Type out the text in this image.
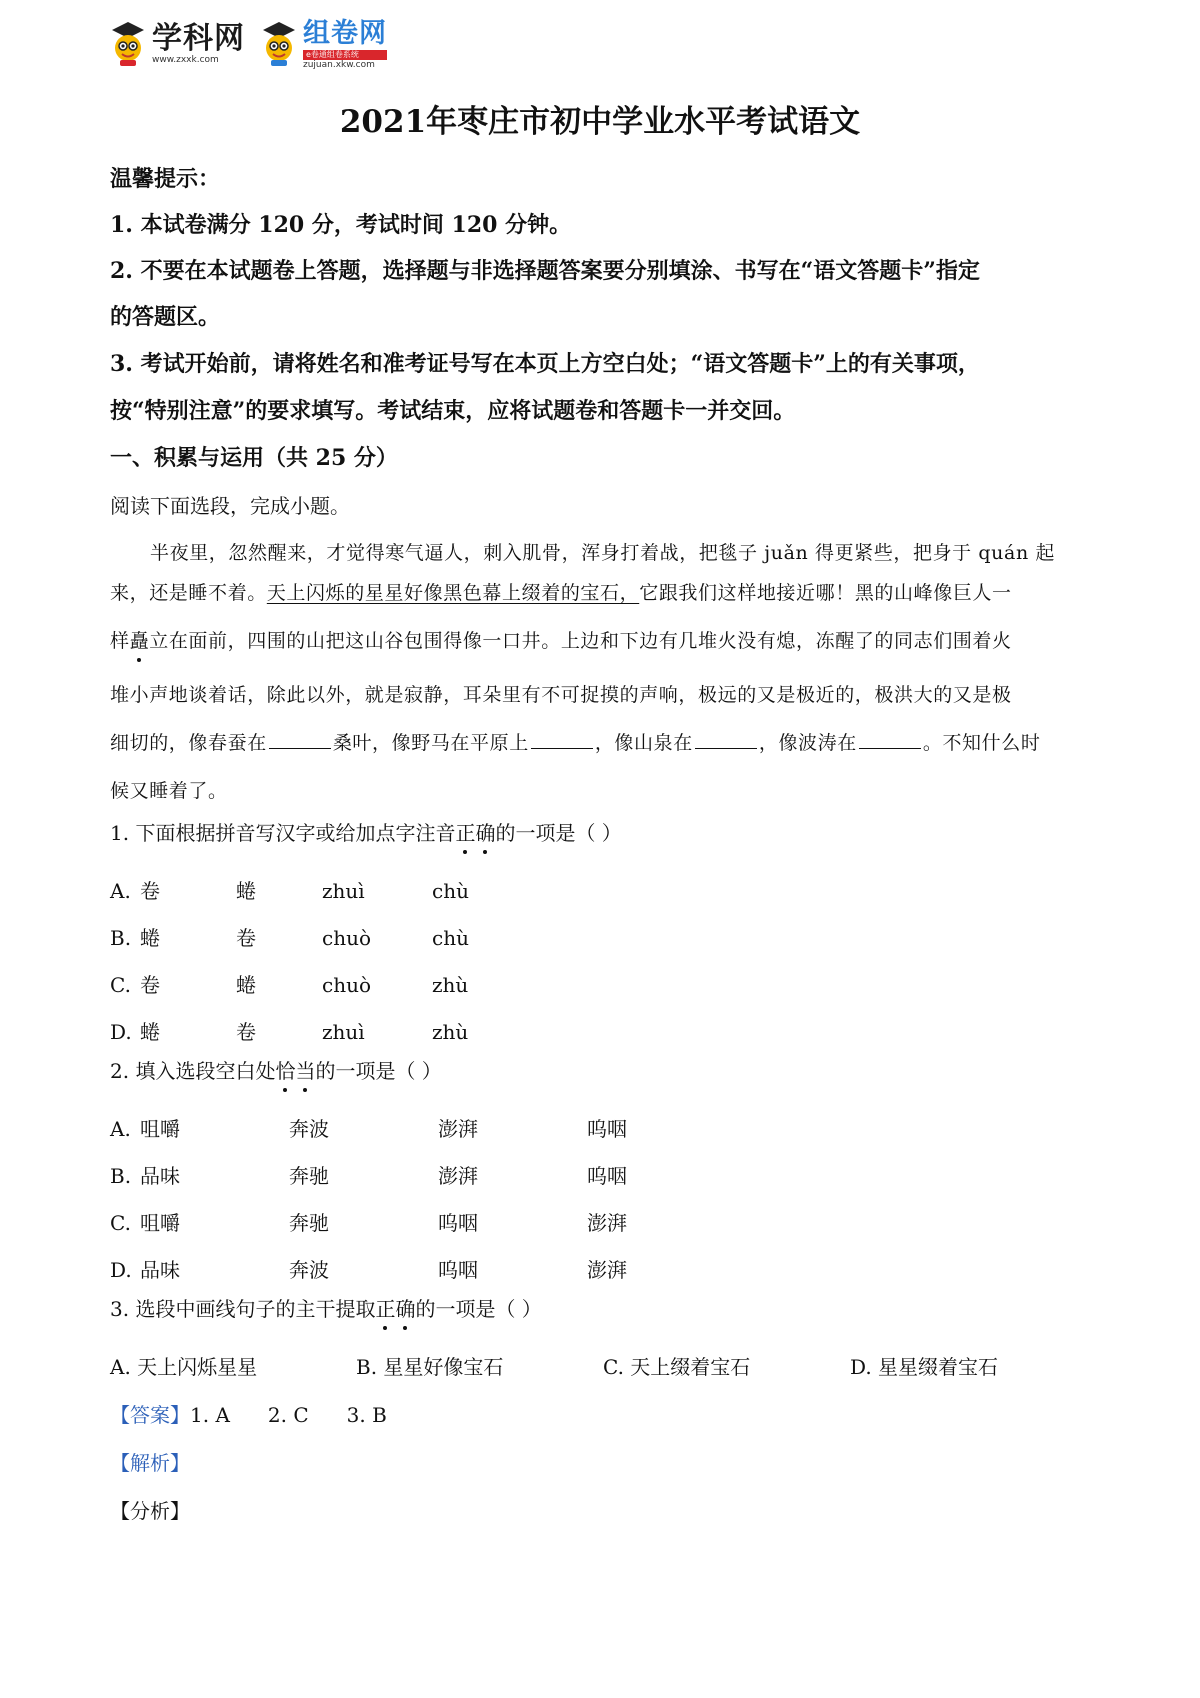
学科网
www.zxxk.com
组卷网
e卷通组卷系统
zujuan.xkw.com
2021年枣庄市初中学业水平考试语文
温馨提示：
1. 本试卷满分 120 分，考试时间 120 分钟。
2. 不要在本试题卷上答题，选择题与非选择题答案要分别填涂、书写在“语文答题卡”指定
的答题区。
3. 考试开始前，请将姓名和准考证号写在本页上方空白处；“语文答题卡”上的有关事项，
按“特别注意”的要求填写。考试结束，应将试题卷和答题卡一并交回。
一、积累与运用（共 25 分）
阅读下面选段，完成小题。
半夜里，忽然醒来，才觉得寒气逼人，刺入肌骨，浑身打着战，把毯子 juǎn 得更紧些，把身于 quán 起
来，还是睡不着。天上闪烁的星星好像黑色幕上缀着的宝石，它跟我们这样地接近哪！黑的山峰像巨人一
样矗立在面前，四围的山把这山谷包围得像一口井。上边和下边有几堆火没有熄，冻醒了的同志们围着火
堆小声地谈着话，除此以外，就是寂静，耳朵里有不可捉摸的声响，极远的又是极近的，极洪大的又是极
细切的，像春蚕在	桑叶，像野马在平原上	，像山泉在	，像波涛在	。不知什么时
候又睡着了。
1. 下面根据拼音写汉字或给加点字注音正确的一项是（ ）
A. 卷	蜷	zhuì	chù
B. 蜷	卷	chuò	chù
C. 卷	蜷	chuò	zhù
D. 蜷	卷	zhuì	zhù
2. 填入选段空白处恰当的一项是（ ）
A. 咀嚼	奔波	澎湃	呜咽
B. 品味	奔驰	澎湃	呜咽
C. 咀嚼	奔驰	呜咽	澎湃
D. 品味	奔波	呜咽	澎湃
3. 选段中画线句子的主干提取正确的一项是（ ）
A. 天上闪烁星星	B. 星星好像宝石	C. 天上缀着宝石	D. 星星缀着宝石
【答案】1. A 2. C 3. B
【解析】
【分析】
